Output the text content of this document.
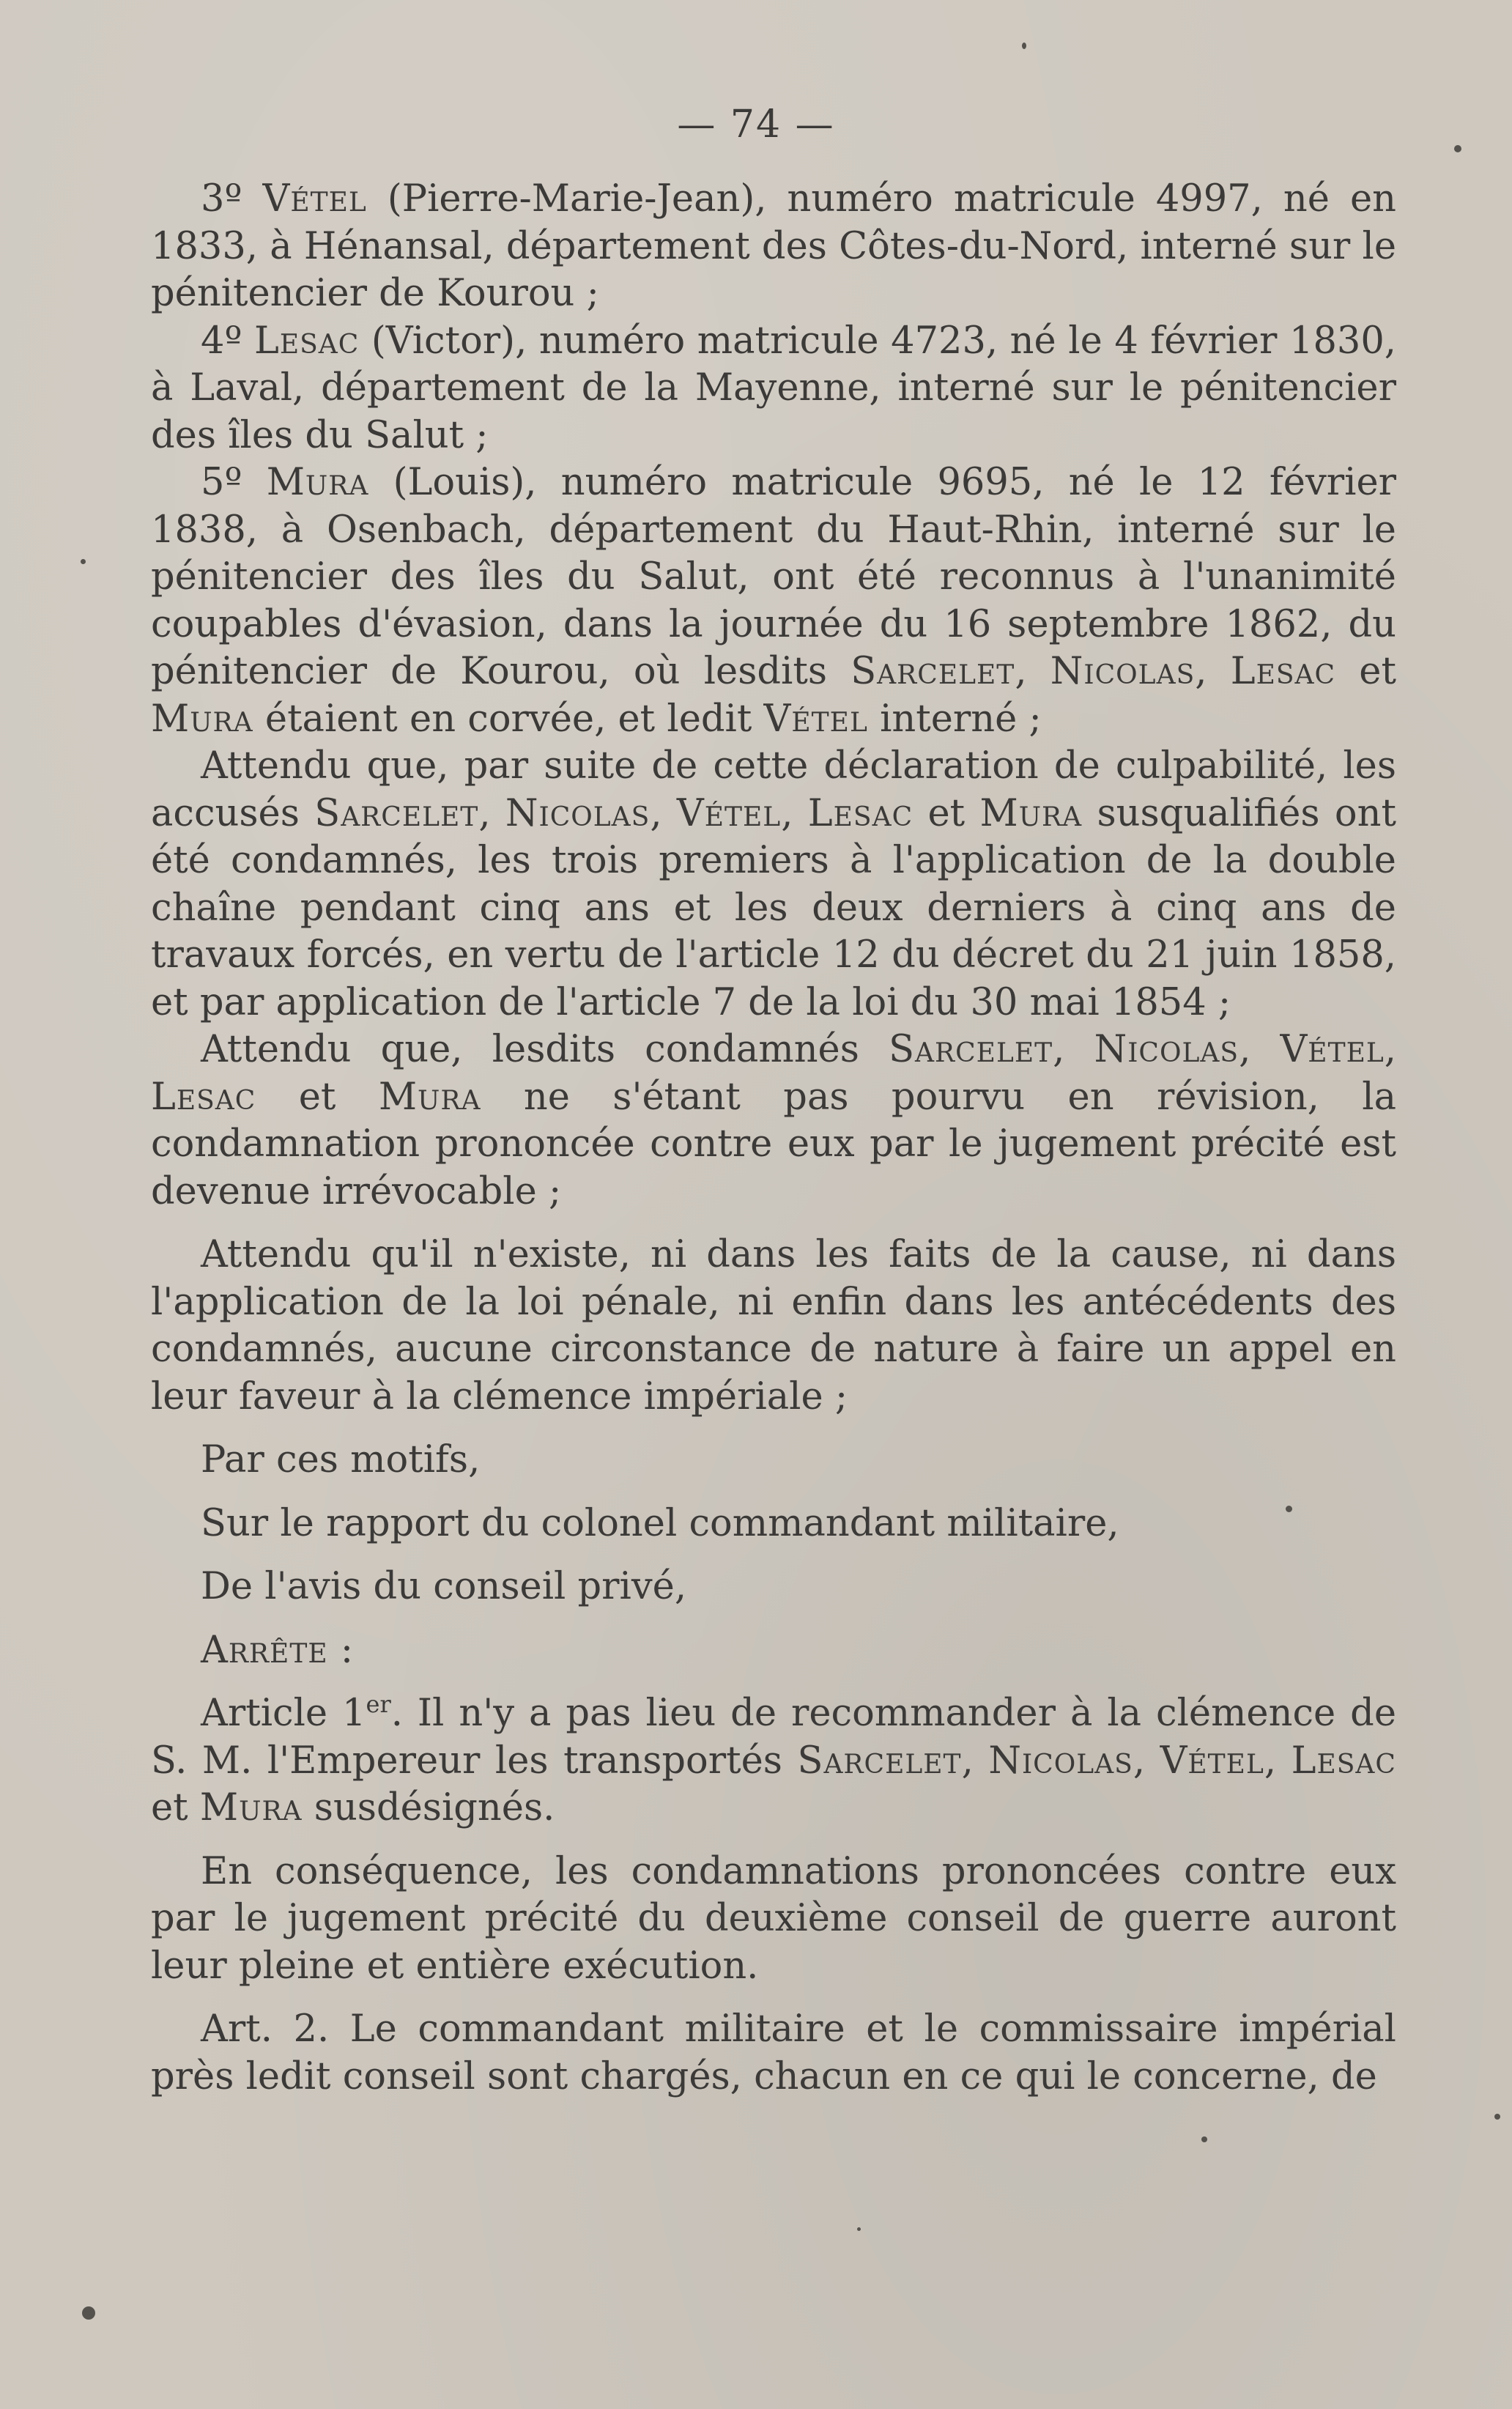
— 74 —

3º Vétel (Pierre-Marie-Jean), numéro matricule 4997, né en 1833, à Hénansal, département des Côtes-du-Nord, interné sur le pénitencier de Kourou ;

4º Lesac (Victor), numéro matricule 4723, né le 4 février 1830, à Laval, département de la Mayenne, interné sur le pénitencier des îles du Salut ;

5º Mura (Louis), numéro matricule 9695, né le 12 février 1838, à Osenbach, département du Haut-Rhin, interné sur le pénitencier des îles du Salut, ont été reconnus à l'unanimité coupables d'évasion, dans la journée du 16 septembre 1862, du pénitencier de Kourou, où lesdits Sarcelet, Nicolas, Lesac et Mura étaient en corvée, et ledit Vétel interné ;

Attendu que, par suite de cette déclaration de culpabilité, les accusés Sarcelet, Nicolas, Vétel, Lesac et Mura susqualifiés ont été condamnés, les trois premiers à l'application de la double chaîne pendant cinq ans et les deux derniers à cinq ans de travaux forcés, en vertu de l'article 12 du décret du 21 juin 1858, et par application de l'article 7 de la loi du 30 mai 1854 ;

Attendu que, lesdits condamnés Sarcelet, Nicolas, Vétel, Lesac et Mura ne s'étant pas pourvu en révision, la condamnation prononcée contre eux par le jugement précité est devenue irrévocable ;

Attendu qu'il n'existe, ni dans les faits de la cause, ni dans l'application de la loi pénale, ni enfin dans les antécédents des condamnés, aucune circonstance de nature à faire un appel en leur faveur à la clémence impériale ;

Par ces motifs,

Sur le rapport du colonel commandant militaire,

De l'avis du conseil privé,

Arrête :

Article 1er. Il n'y a pas lieu de recommander à la clémence de S. M. l'Empereur les transportés Sarcelet, Nicolas, Vétel, Lesac et Mura susdésignés.

En conséquence, les condamnations prononcées contre eux par le jugement précité du deuxième conseil de guerre auront leur pleine et entière exécution.

Art. 2. Le commandant militaire et le commissaire impérial près ledit conseil sont chargés, chacun en ce qui le concerne, de
